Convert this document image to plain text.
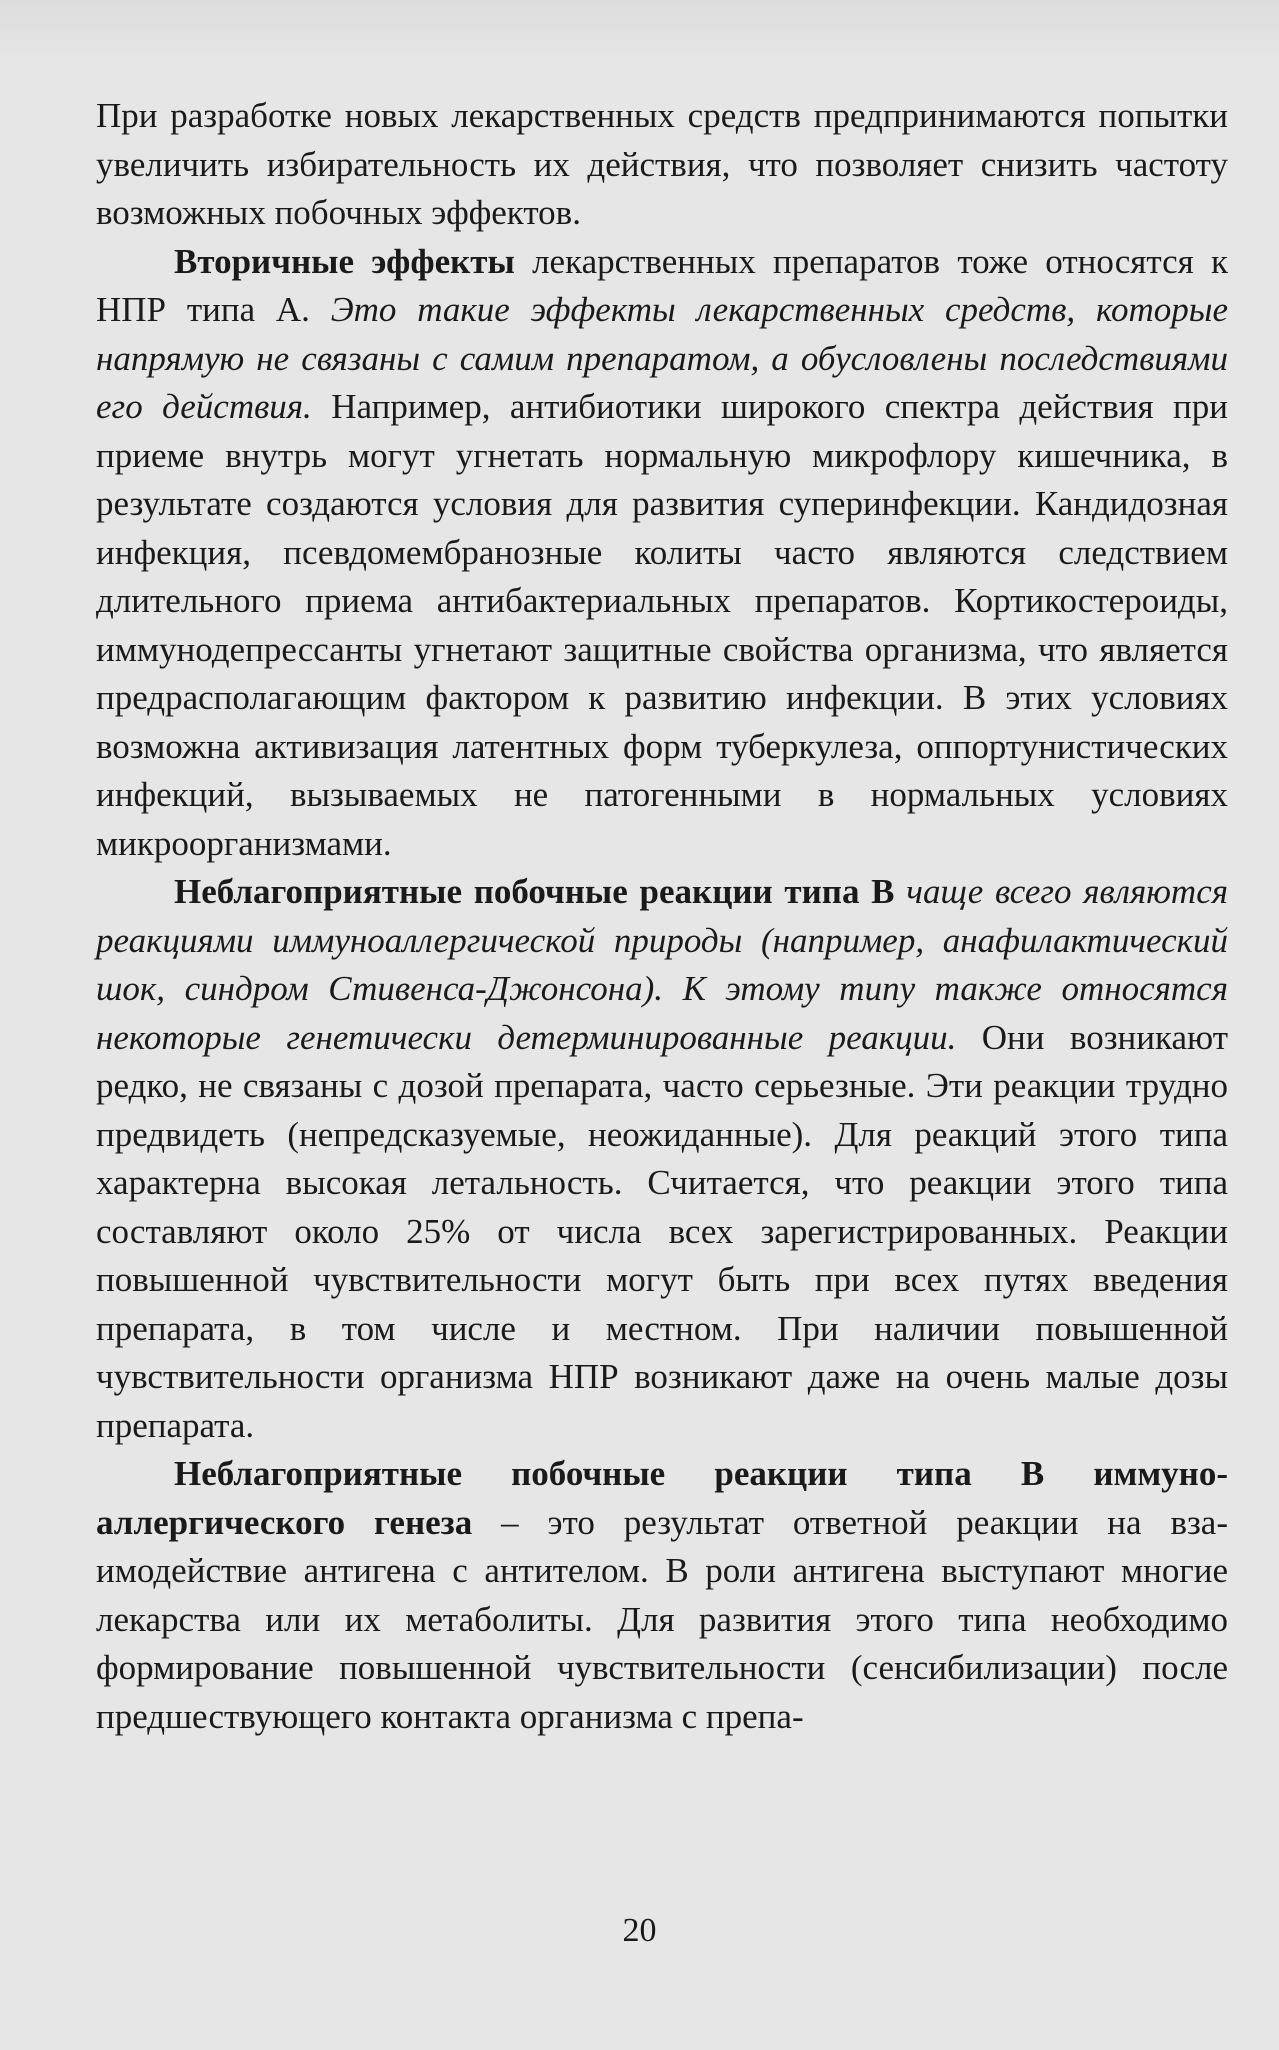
При разработке новых лекарственных средств предпринимаются попытки увеличить избирательность их действия, что позволяет снизить частоту возможных побочных эффектов.

Вторичные эффекты лекарственных препаратов тоже относятся к НПР типа А. Это такие эффекты лекарственных средств, которые напрямую не связаны с самим препаратом, а обусловлены последствиями его действия. Например, антибиотики широкого спектра действия при приеме внутрь могут угнетать нормальную микрофлору кишечника, в результате создаются условия для развития суперинфекции. Кандидозная инфекция, псевдомембранозные колиты часто являются следствием длительного приема антибактериальных препаратов. Кортикостероиды, иммунодепрессанты угнетают защитные свойства организма, что является предрасполагающим фактором к развитию инфекции. В этих условиях возможна активизация латентных форм туберкулеза, оппортунистических инфекций, вызываемых не патогенными в нормальных условиях микроорганизмами.

Неблагоприятные побочные реакции типа В чаще всего являются реакциями иммуноаллергической природы (например, анафилактический шок, синдром Стивенса-Джонсона). К этому типу также относятся некоторые генетически детерминированные реакции. Они возникают редко, не связаны с дозой препарата, часто серьезные. Эти реакции трудно предвидеть (непредсказуемые, неожиданные). Для реакций этого типа характерна высокая летальность. Считается, что реакции этого типа составляют около 25% от числа всех зарегистрированных. Реакции повышенной чувствительности могут быть при всех путях введения препарата, в том числе и местном. При наличии повышенной чувствительности организма НПР возникают даже на очень малые дозы препарата.

Неблагоприятные побочные реакции типа В иммуноаллергического генеза – это результат ответной реакции на взаимодействие антигена с антителом. В роли антигена выступают многие лекарства или их метаболиты. Для развития этого типа необходимо формирование повышенной чувствительности (сенсибилизации) после предшествующего контакта организма с препа-

20
